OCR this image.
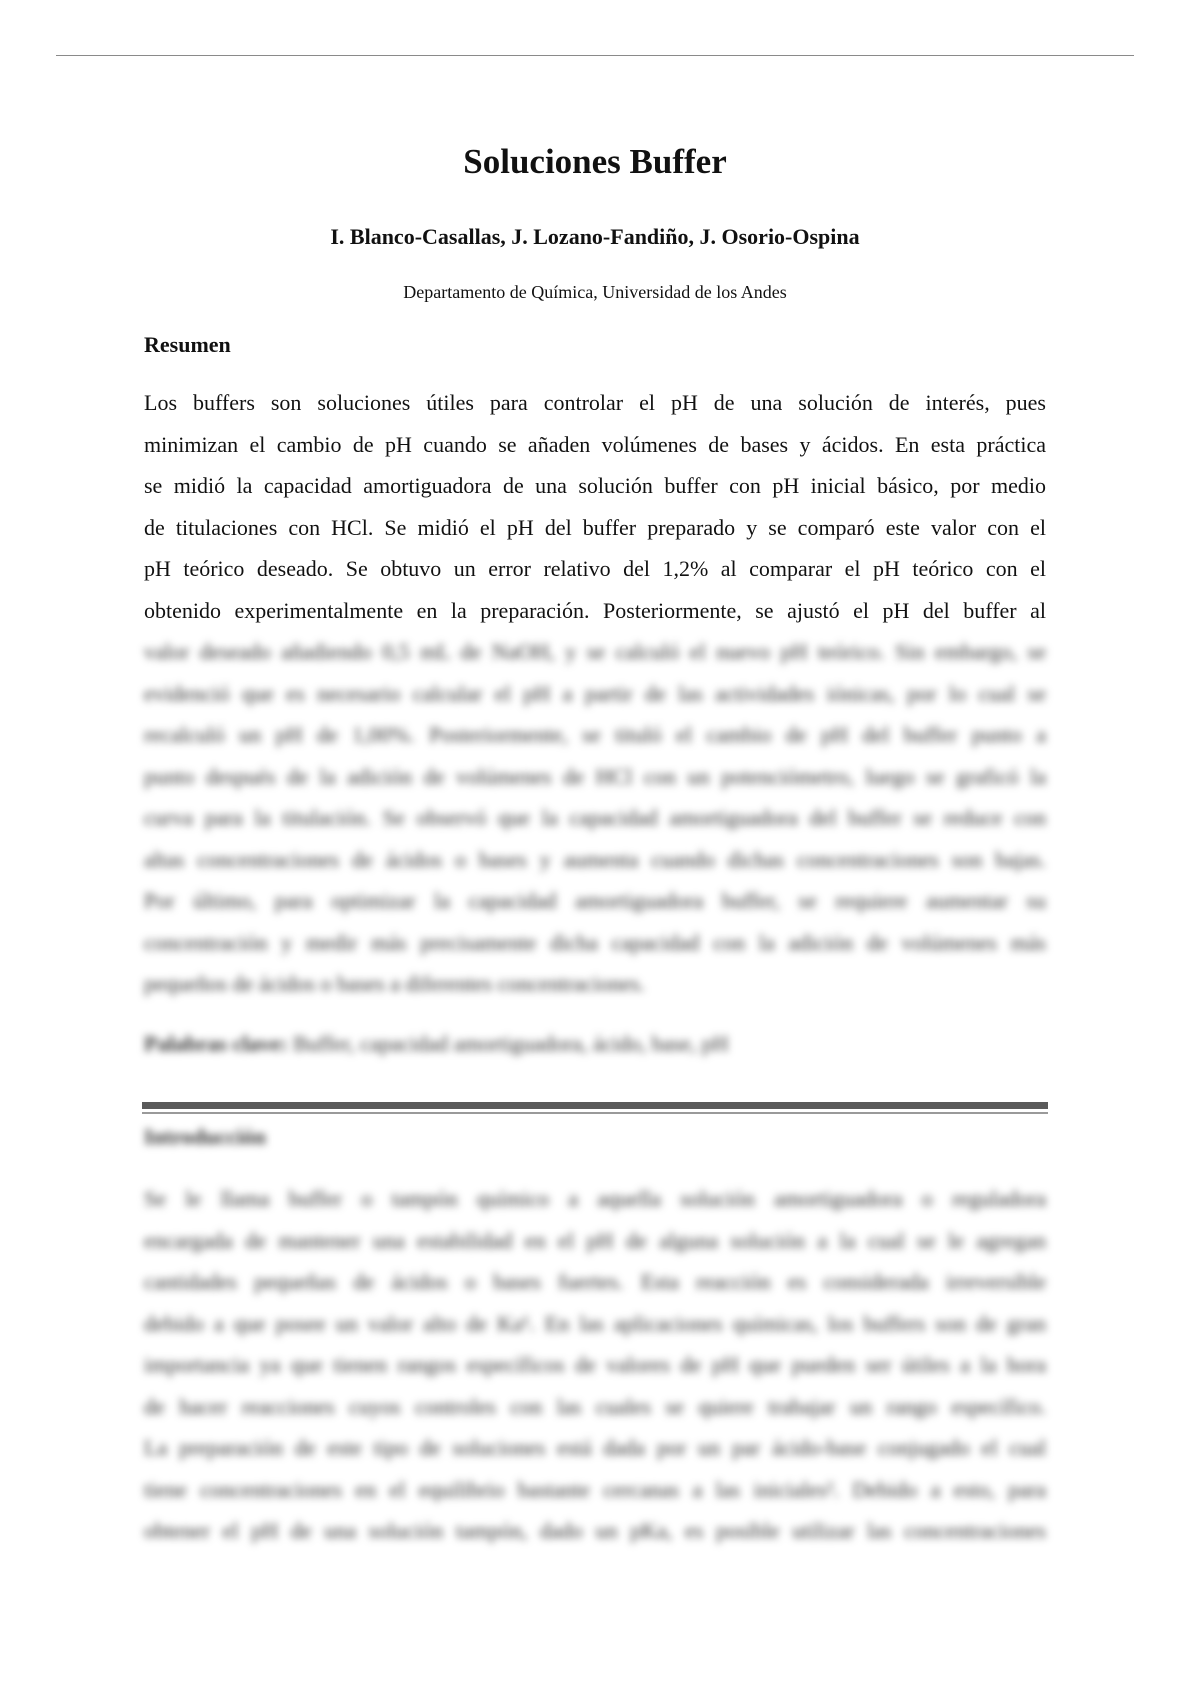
Soluciones Buffer
I. Blanco-Casallas, J. Lozano-Fandiño, J. Osorio-Ospina
Departamento de Química, Universidad de los Andes
Resumen
Los buffers son soluciones útiles para controlar el pH de una solución de interés, pues
minimizan el cambio de pH cuando se añaden volúmenes de bases y ácidos. En esta práctica
se midió la capacidad amortiguadora de una solución buffer con pH inicial básico, por medio
de titulaciones con HCl. Se midió el pH del buffer preparado y se comparó este valor con el
pH teórico deseado. Se obtuvo un error relativo del 1,2% al comparar el pH teórico con el
obtenido experimentalmente en la preparación. Posteriormente, se ajustó el pH del buffer al
valor deseado añadiendo 0,5 mL de NaOH, y se calculó el nuevo pH teórico. Sin embargo, se
evidenció que es necesario calcular el pH a partir de las actividades iónicas, por lo cual se
recalculó un pH de 1,00%. Posteriormente, se tituló el cambio de pH del buffer punto a
punto después de la adición de volúmenes de HCl con un potenciómetro, luego se graficó la
curva para la titulación. Se observó que la capacidad amortiguadora del buffer se reduce con
altas concentraciones de ácidos o bases y aumenta cuando dichas concentraciones son bajas.
Por último, para optimizar la capacidad amortiguadora buffer, se requiere aumentar su
concentración y medir más precisamente dicha capacidad con la adición de volúmenes más
pequeños de ácidos o bases a diferentes concentraciones.
Palabras clave: Buffer, capacidad amortiguadora, ácido, base, pH
Introducción
Se le llama buffer o tampón químico a aquella solución amortiguadora o reguladora
encargada de mantener una estabilidad en el pH de alguna solución a la cual se le agregan
cantidades pequeñas de ácidos o bases fuertes. Esta reacción es considerada irreversible
debido a que posee un valor alto de Ka¹. En las aplicaciones químicas, los buffers son de gran
importancia ya que tienen rangos específicos de valores de pH que pueden ser útiles a la hora
de hacer reacciones cuyos controles con las cuales se quiere trabajar un rango específico.
La preparación de este tipo de soluciones está dada por un par ácido-base conjugado el cual
tiene concentraciones en el equilibrio bastante cercanas a las iniciales². Debido a esto, para
obtener el pH de una solución tampón, dado un pKa, es posible utilizar las concentraciones
